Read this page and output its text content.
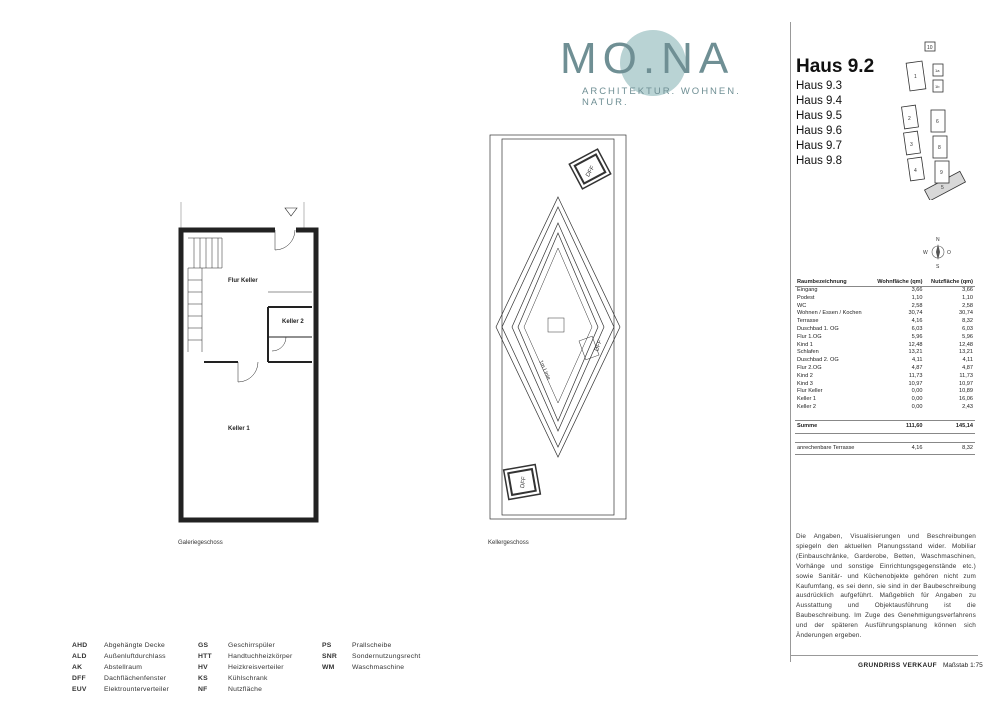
MO.NA
ARCHITEKTUR. WOHNEN. NATUR.
Haus 9.2
Haus 9.3
Haus 9.4
Haus 9.5
Haus 9.6
Haus 9.7
Haus 9.8
10
1
1a
1b
2
3
4
5
6
8
9
N
S
W	O
Raumbezeichnung	Wohnfläche (qm)	Nutzfläche (qm)
Eingang	3,66	3,66
Podest	1,10	1,10
WC	2,58	2,58
Wohnen / Essen / Kochen	30,74	30,74
Terrasse	4,16	8,32
Duschbad 1. OG	6,03	6,03
Flur 1.OG	5,96	5,96
Kind 1	12,48	12,48
Schlafen	13,21	13,21
Duschbad 2. OG	4,11	4,11
Flur 2.OG	4,87	4,87
Kind 2	11,73	11,73
Kind 3	10,97	10,97
Flur Keller	0,00	10,89
Keller 1	0,00	16,06
Keller 2	0,00	2,43

Summe	111,60	145,14

anrechenbare Terrasse	4,16	8,32
Die Angaben, Visualisierungen und Beschreibungen spiegeln den aktuellen Planungsstand wider. Mobiliar (Einbauschränke, Garderobe, Betten, Waschmaschinen, Vorhänge und sonstige Einrichtungsgegenstände etc.) sowie Sanitär- und Küchenobjekte gehören nicht zum Kaufumfang, es sei denn, sie sind in der Baubeschreibung ausdrücklich aufgeführt. Maßgeblich für Angaben zu Ausstattung und Objektausführung ist die Baubeschreibung. Im Zuge des Genehmigungsverfahrens und der späteren Ausführungsplanung können sich Änderungen ergeben.
GRUNDRISS VERKAUF Maßstab 1:75
Flur Keller
Keller 2
Keller 1
Galeriegeschoss
DFF
DFF
DFF
1m Linie
Kellergeschoss
AHD Abgehängte Decke
ALD	Außenluftdurchlass
AK	Abstellraum
DFF	Dachflächenfenster
EUV	Elektrounterverteiler
GS	Geschirrspüler
HTT Handtuchheizkörper
HV	Heizkreisverteiler
KS	Kühlschrank
NF	Nutzfläche
PS	Prallscheibe
SNR Sondernutzungsrecht
WM	Waschmaschine
